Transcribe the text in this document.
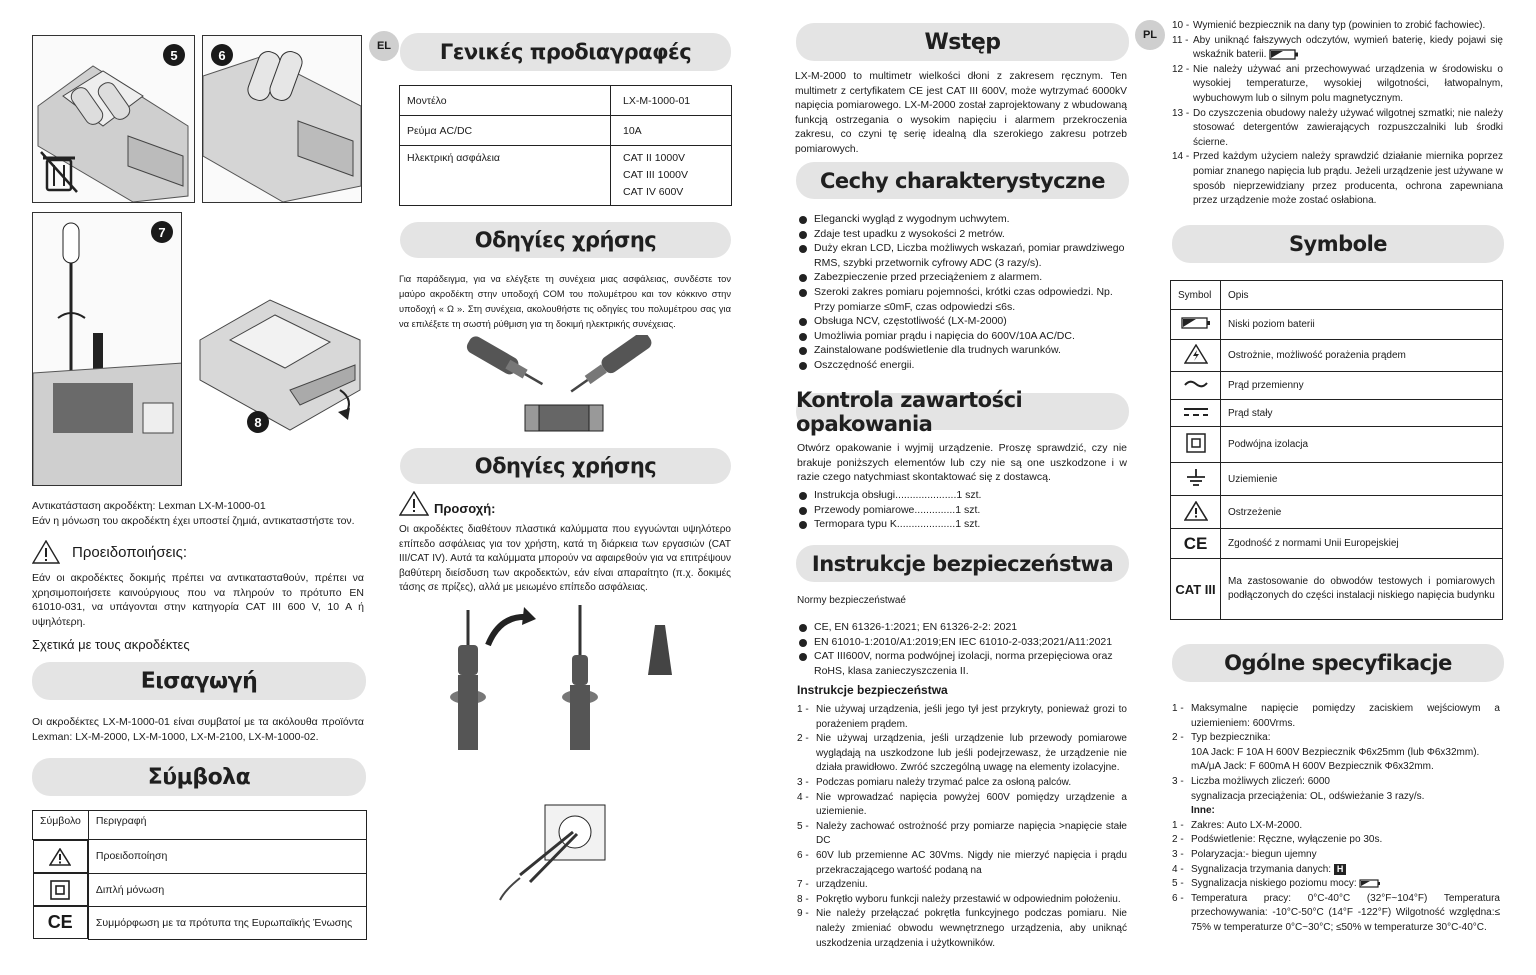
5	6
7
8
Αντικατάσταση ακροδέκτη: Lexman LX-M-1000-01
Εάν η μόνωση του ακροδέκτη έχει υποστεί ζημιά, αντικαταστήστε τον.
Προειδοποιήσεις:
Εάν οι ακροδέκτες δοκιμής πρέπει να αντικατασταθούν, πρέπει να χρησιμοποιήσετε καινούργιους που να πληρούν το πρότυπο EN 61010-031, να υπάγονται στην κατηγορία CAT III 600 V, 10 A ή υψηλότερη.
Σχετικά με τους ακροδέκτες
Εισαγωγή
Οι ακροδέκτες LX-M-1000-01 είναι συμβατοί με τα ακόλουθα προϊόντα Lexman: LX-M-2000, LX-M-1000, LX-M-2100, LX-M-1000-02.
Σύμβολα
Σύμβολο	Περιγραφή

Προειδοποίηση

Διπλή μόνωση

CE Συμμόρφωση με τα πρότυπα της Ευρωπαϊκής Ένωσης
EL	Γενικές προδιαγραφές
Μοντέλο	LX-M-1000-01
Ρεύμα AC/DC	10A
Ηλεκτρική ασφάλεια	CAT II 1000V
CAT III 1000V
CAT IV 600V
Οδηγίες χρήσης
Για παράδειγμα, για να ελέγξετε τη συνέχεια μιας ασφάλειας, συνδέστε τον μαύρο ακροδέκτη στην υποδοχή COM του πολυμέτρου και τον κόκκινο στην υποδοχή « Ω ». Στη συνέχεια, ακολουθήστε τις οδηγίες του πολυμέτρου σας για να επιλέξετε τη σωστή ρύθμιση για τη δοκιμή ηλεκτρικής συνέχειας.
Οδηγίες χρήσης
Προσοχή:
Οι ακροδέκτες διαθέτουν πλαστικά καλύμματα που εγγυώνται υψηλότερο επίπεδο ασφάλειας για τον χρήστη, κατά τη διάρκεια των εργασιών (CAT III/CAT IV). Αυτά τα καλύμματα μπορούν να αφαιρεθούν για να επιτρέψουν βαθύτερη διείσδυση των ακροδεκτών, εάν είναι απαραίτητο (π.χ. δοκιμές τάσης σε πρίζες), αλλά με μειωμένο επίπεδο ασφάλειας.
Wstęp
LX-M-2000 to multimetr wielkości dłoni z zakresem ręcznym. Ten multimetr z certyfikatem CE jest CAT III 600V, może wytrzymać 6000kV napięcia pomiarowego. LX-M-2000 został zaprojektowany z wbudowaną funkcją ostrzegania o wysokim napięciu i alarmem przekroczenia zakresu, co czyni tę serię idealną dla szerokiego zakresu potrzeb pomiarowych.
Cechy charakterystyczne
Elegancki wygląd z wygodnym uchwytem.
Zdaje test upadku z wysokości 2 metrów.
Duży ekran LCD, Liczba możliwych wskazań, pomiar prawdziwego RMS, szybki przetwornik cyfrowy ADC (3 razy/s).
Zabezpieczenie przed przeciążeniem z alarmem.
Szeroki zakres pomiaru pojemności, krótki czas odpowiedzi. Np. Przy pomiarze ≤0mF, czas odpowiedzi ≤6s.
Obsługa NCV, częstotliwość (LX-M-2000)
Umożliwia pomiar prądu i napięcia do 600V/10A AC/DC.
Zainstalowane podświetlenie dla trudnych warunków.
Oszczędność energii.
Kontrola zawartości opakowania
Otwórz opakowanie i wyjmij urządzenie. Proszę sprawdzić, czy nie brakuje poniższych elementów lub czy nie są one uszkodzone i w razie czego natychmiast skontaktować się z dostawcą.
Instrukcja obsługi.....................1 szt.
Przewody pomiarowe..............1 szt.
Termopara typu K....................1 szt.
Instrukcje bezpieczeństwa
Normy bezpieczeństwaé
CE, EN 61326-1:2021; EN 61326-2-2: 2021
EN 61010-1:2010/A1:2019;EN IEC 61010-2-033;2021/A11:2021
CAT III600V, norma podwójnej izolacji, norma przepięciowa oraz RoHS, klasa zanieczyszczenia II.
Instrukcje bezpieczeństwa
1 - Nie używaj urządzenia, jeśli jego tył jest przykryty, ponieważ grozi to porażeniem prądem.
2 - Nie używaj urządzenia, jeśli urządzenie lub przewody pomiarowe wyglądają na uszkodzone lub jeśli podejrzewasz, że urządzenie nie działa prawidłowo. Zwróć szczególną uwagę na elementy izolacyjne.
3 - Podczas pomiaru należy trzymać palce za osłoną palców.
4 - Nie wprowadzać napięcia powyżej 600V pomiędzy urządzenie a uziemienie.
5 - Należy zachować ostrożność przy pomiarze napięcia >napięcie stałe DC
6 - 60V lub przemienne AC 30Vms. Nigdy nie mierzyć napięcia i prądu przekraczającego wartość podaną na
7 - urządzeniu.
8 - Pokrętło wyboru funkcji należy przestawić w odpowiednim położeniu.
9 - Nie należy przełączać pokrętła funkcyjnego podczas pomiaru. Nie należy zmieniać obwodu wewnętrznego urządzenia, aby uniknąć uszkodzenia urządzenia i użytkowników.
PL
10 - Wymienić bezpiecznik na dany typ (powinien to zrobić fachowiec).
11 - Aby uniknąć fałszywych odczytów, wymień baterię, kiedy pojawi się wskaźnik baterii.
12 - Nie należy używać ani przechowywać urządzenia w środowisku o wysokiej temperaturze, wysokiej wilgotności, łatwopalnym, wybuchowym lub o silnym polu magnetycznym.
13 - Do czyszczenia obudowy należy używać wilgotnej szmatki; nie należy stosować detergentów zawierających rozpuszczalniki lub środki ścierne.
14 - Przed każdym użyciem należy sprawdzić działanie miernika poprzez pomiar znanego napięcia lub prądu. Jeżeli urządzenie jest używane w sposób nieprzewidziany przez producenta, ochrona zapewniana przez urządzenie może zostać osłabiona.
Symbole
Symbol	Opis
	Niski poziom baterii
	Ostrożnie, możliwość porażenia prądem
	Prąd przemienny
	Prąd stały
	Podwójna izolacja
	Uziemienie
	Ostrzeżenie
CE	Zgodność z normami Unii Europejskiej
CAT III	Ma zastosowanie do obwodów testowych i pomiarowych podłączonych do części instalacji niskiego napięcia budynku
Ogólne specyfikacje
1 - Maksymalne napięcie pomiędzy zaciskiem wejściowym a uziemieniem: 600Vrms.
2 - Typ bezpiecznika:
10A Jack: F 10A H 600V Bezpiecznik Φ6x25mm (lub Φ6x32mm).
mA/μA Jack: F 600mA H 600V Bezpiecznik Φ6x32mm.
3 - Liczba możliwych zliczeń: 6000
sygnalizacja przeciążenia: OL, odświeżanie 3 razy/s.
Inne:
1 - Zakres: Auto LX-M-2000.
2 - Podświetlenie: Ręczne, wyłączenie po 30s.
3 - Polaryzacja:- biegun ujemny
4 - Sygnalizacja trzymania danych: H
5 - Sygnalizacja niskiego poziomu mocy:
6 - Temperatura pracy: 0°C-40°C (32°F~104°F) Temperatura przechowywania: -10°C-50°C (14°F -122°F) Wilgotność względna:≤ 75% w temperaturze 0°C~30°C; ≤50% w temperaturze 30°C-40°C.
